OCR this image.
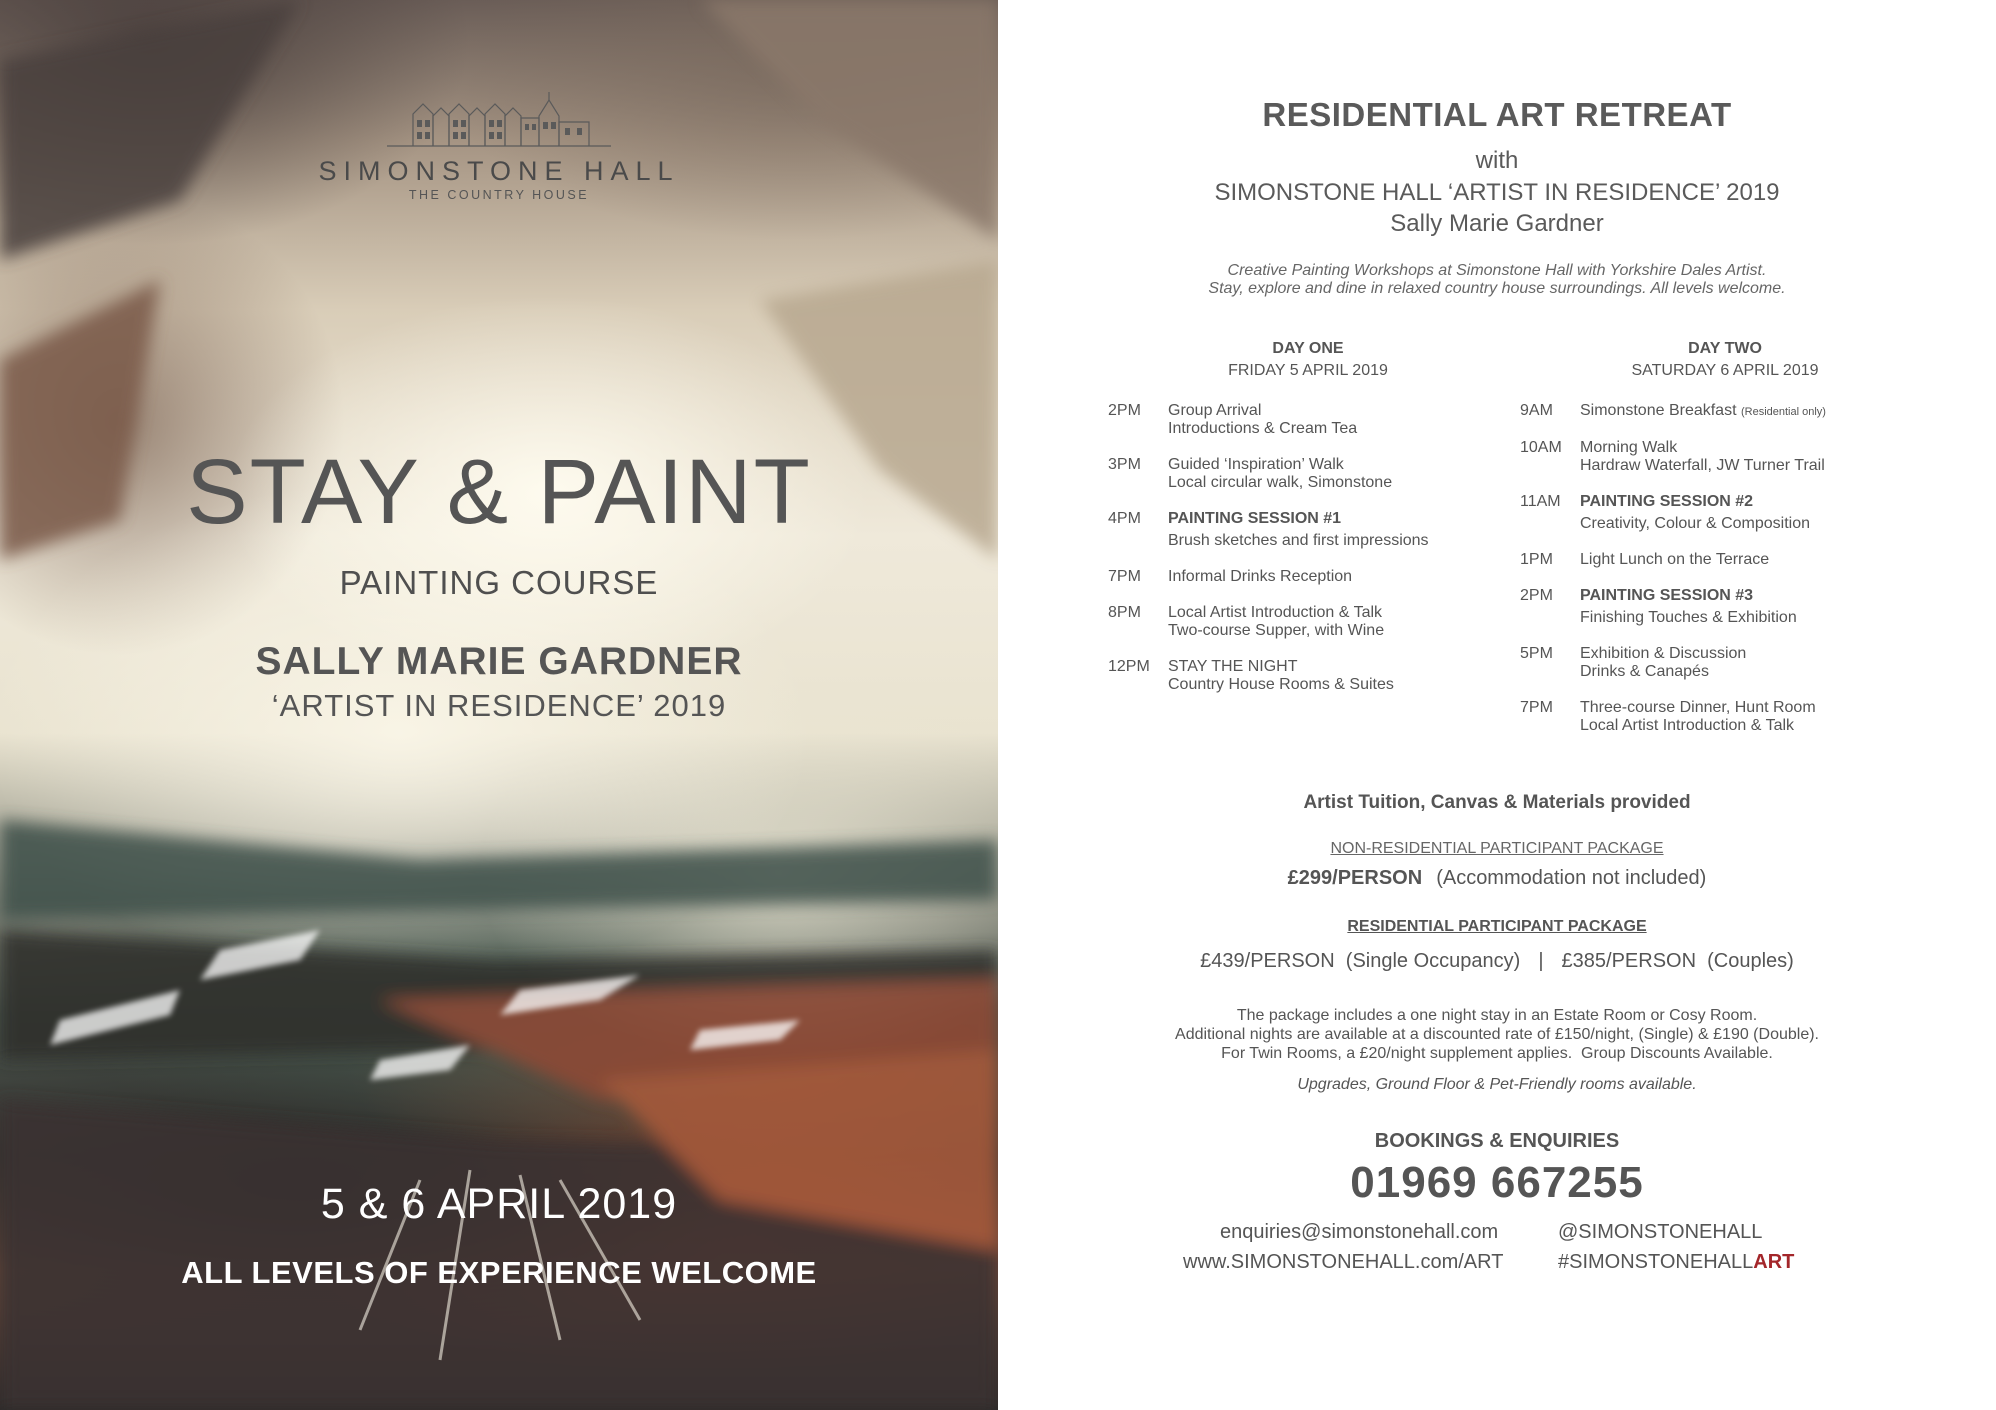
SIMONSTONE HALL
THE COUNTRY HOUSE
STAY & PAINT
PAINTING COURSE
SALLY MARIE GARDNER
‘ARTIST IN RESIDENCE’ 2019
5 & 6 APRIL 2019
ALL LEVELS OF EXPERIENCE WELCOME
RESIDENTIAL ART RETREAT
with
SIMONSTONE HALL ‘ARTIST IN RESIDENCE’ 2019
Sally Marie Gardner
Creative Painting Workshops at Simonstone Hall with Yorkshire Dales Artist.
Stay, explore and dine in relaxed country house surroundings. All levels welcome.
DAY ONE
FRIDAY 5 APRIL 2019
2PM	Group Arrival
Introductions & Cream Tea
3PM	Guided ‘Inspiration’ Walk
Local circular walk, Simonstone
4PM	PAINTING SESSION #1
Brush sketches and first impressions
7PM	Informal Drinks Reception
8PM	Local Artist Introduction & Talk
Two-course Supper, with Wine
12PM	STAY THE NIGHT
Country House Rooms & Suites
DAY TWO
SATURDAY 6 APRIL 2019
9AM	Simonstone Breakfast (Residential only)
10AM	Morning Walk
Hardraw Waterfall, JW Turner Trail
11AM	PAINTING SESSION #2
Creativity, Colour & Composition
1PM	Light Lunch on the Terrace
2PM	PAINTING SESSION #3
Finishing Touches & Exhibition
5PM	Exhibition & Discussion
Drinks & Canapés
7PM	Three-course Dinner, Hunt Room
Local Artist Introduction & Talk
Artist Tuition, Canvas & Materials provided
NON-RESIDENTIAL PARTICIPANT PACKAGE
£299/PERSON (Accommodation not included)
RESIDENTIAL PARTICIPANT PACKAGE
£439/PERSON  (Single Occupancy) | £385/PERSON  (Couples)
The package includes a one night stay in an Estate Room or Cosy Room.
Additional nights are available at a discounted rate of £150/night, (Single) & £190 (Double).
For Twin Rooms, a £20/night supplement applies.  Group Discounts Available.
Upgrades, Ground Floor & Pet-Friendly rooms available.
BOOKINGS & ENQUIRIES
01969 667255
enquiries@simonstonehall.com	@SIMONSTONEHALL
www.SIMONSTONEHALL.com/ART	#SIMONSTONEHALLART
